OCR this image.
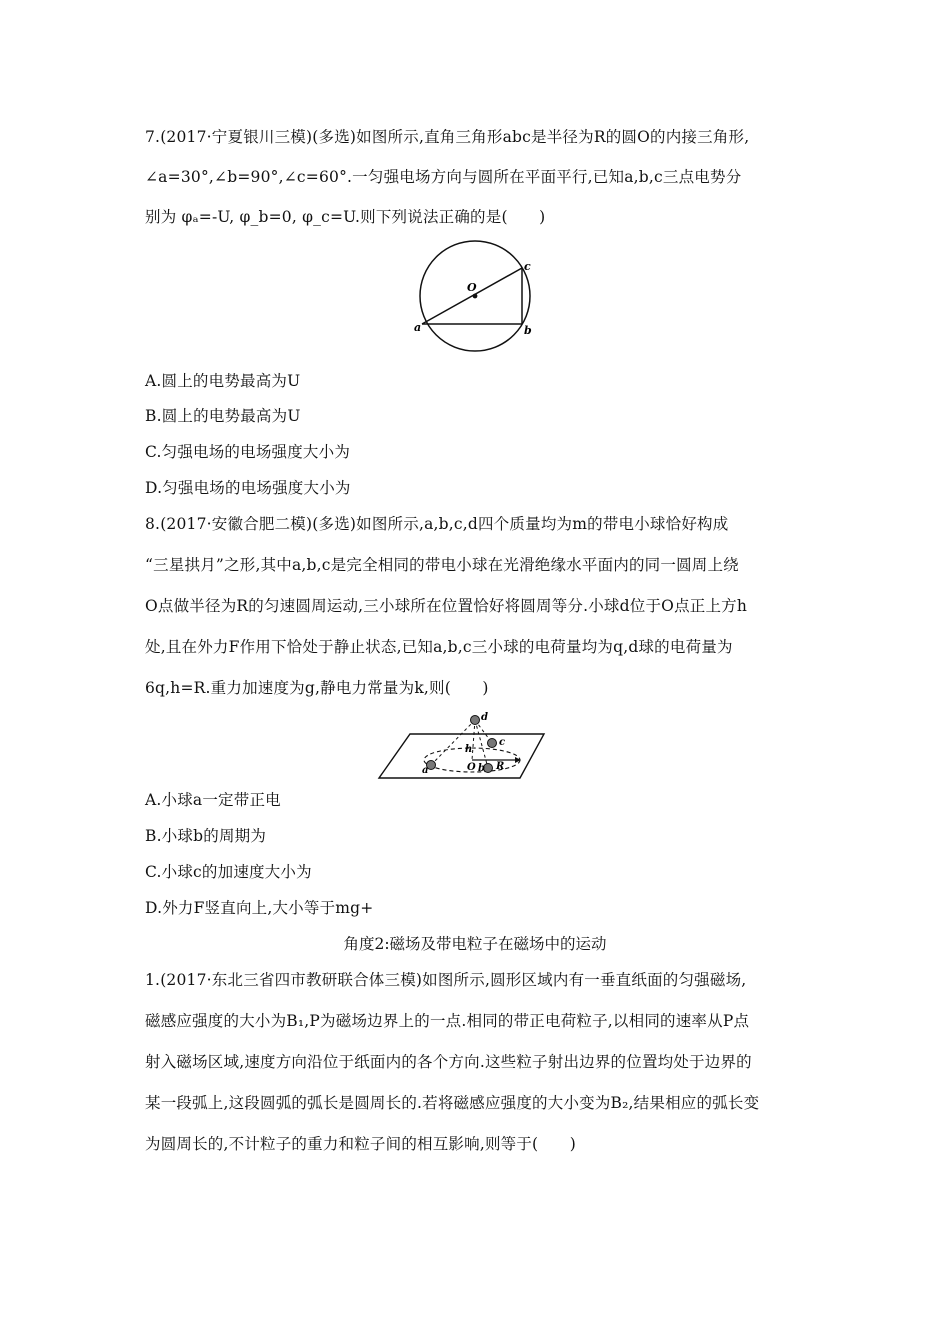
7.(2017·宁夏银川三模)(多选)如图所示,直角三角形abc是半径为R的圆O的内接三角形,
∠a=30°,∠b=90°,∠c=60°.一匀强电场方向与圆所在平面平行,已知a,b,c三点电势分
别为 φₐ=-U, φ_b=0, φ_c=U.则下列说法正确的是(　　)
O
a	b
c
A.圆上的电势最高为U
B.圆上的电势最高为U
C.匀强电场的电场强度大小为
D.匀强电场的电场强度大小为
8.(2017·安徽合肥二模)(多选)如图所示,a,b,c,d四个质量均为m的带电小球恰好构成
“三星拱月”之形,其中a,b,c是完全相同的带电小球在光滑绝缘水平面内的同一圆周上绕
O点做半径为R的匀速圆周运动,三小球所在位置恰好将圆周等分.小球d位于O点正上方h
处,且在外力F作用下恰处于静止状态,已知a,b,c三小球的电荷量均为q,d球的电荷量为
6q,h=R.重力加速度为g,静电力常量为k,则(　　)
d
h
c
a	O b R
A.小球a一定带正电
B.小球b的周期为
C.小球c的加速度大小为
D.外力F竖直向上,大小等于mg+
角度2:磁场及带电粒子在磁场中的运动
1.(2017·东北三省四市教研联合体三模)如图所示,圆形区域内有一垂直纸面的匀强磁场,
磁感应强度的大小为B₁,P为磁场边界上的一点.相同的带正电荷粒子,以相同的速率从P点
射入磁场区域,速度方向沿位于纸面内的各个方向.这些粒子射出边界的位置均处于边界的
某一段弧上,这段圆弧的弧长是圆周长的.若将磁感应强度的大小变为B₂,结果相应的弧长变
为圆周长的,不计粒子的重力和粒子间的相互影响,则等于(　　)
